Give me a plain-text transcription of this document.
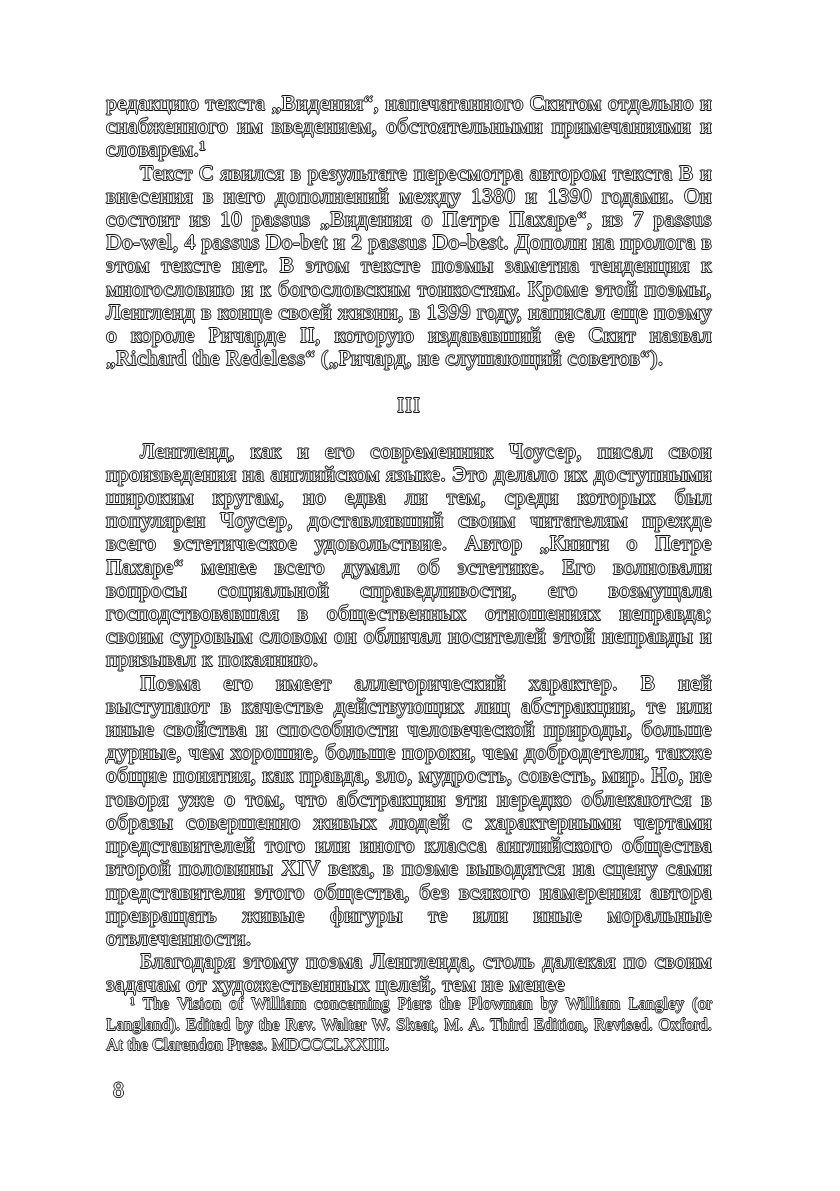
редакцию текста „Видения“, напечатанного Скитом отдельно и снабженного им введением, обстоятельными примечаниями и словарем.¹

Текст C явился в результате пересмотра автором текста B и внесения в него дополнений между 1380 и 1390 годами. Он состоит из 10 passus „Видения о Петре Пахаре“, из 7 passus Do-wel, 4 passus Do-bet и 2 passus Do-best. Дополн на пролога в этом тексте нет. В этом тексте поэмы заметна тенденция к многословию и к богословским тонкостям. Кроме этой поэмы, Ленгленд в конце своей жизни, в 1399 году, написал еще поэму о короле Ричарде II, которую издававший ее Скит назвал „Richard the Redeless“ („Ричард, не слушающий советов“).

III

Ленгленд, как и его современник Чоусер, писал свои произведения на английском языке. Это делало их доступными широким кругам, но едва ли тем, среди которых был популярен Чоусер, доставлявший своим читателям прежде всего эстетическое удовольствие. Автор „Книги о Петре Пахаре“ менее всего думал об эстетике. Его волновали вопросы социальной справедливости, его возмущала господствовавшая в общественных отношениях неправда; своим суровым словом он обличал носителей этой неправды и призывал к покаянию.

Поэма его имеет аллегорический характер. В ней выступают в качестве действующих лиц абстракции, те или иные свойства и способности человеческой природы, больше дурные, чем хорошие, больше пороки, чем добродетели, также общие понятия, как правда, зло, мудрость, совесть, мир. Но, не говоря уже о том, что абстракции эти нередко облекаются в образы совершенно живых людей с характерными чертами представителей того или иного класса английского общества второй половины XIV века, в поэме выводятся на сцену сами представители этого общества, без всякого намерения автора превращать живые фигуры те или иные моральные отвлеченности.

Благодаря этому поэма Ленгленда, столь далекая по своим задачам от художественных целей, тем не менее

¹ The Vision of William concerning Piers the Plowman by William Langley (or Langland). Edited by the Rev. Walter W. Skeat, M. A. Third Edition, Revised. Oxford. At the Clarendon Press. MDCCCLXXIII.

8
